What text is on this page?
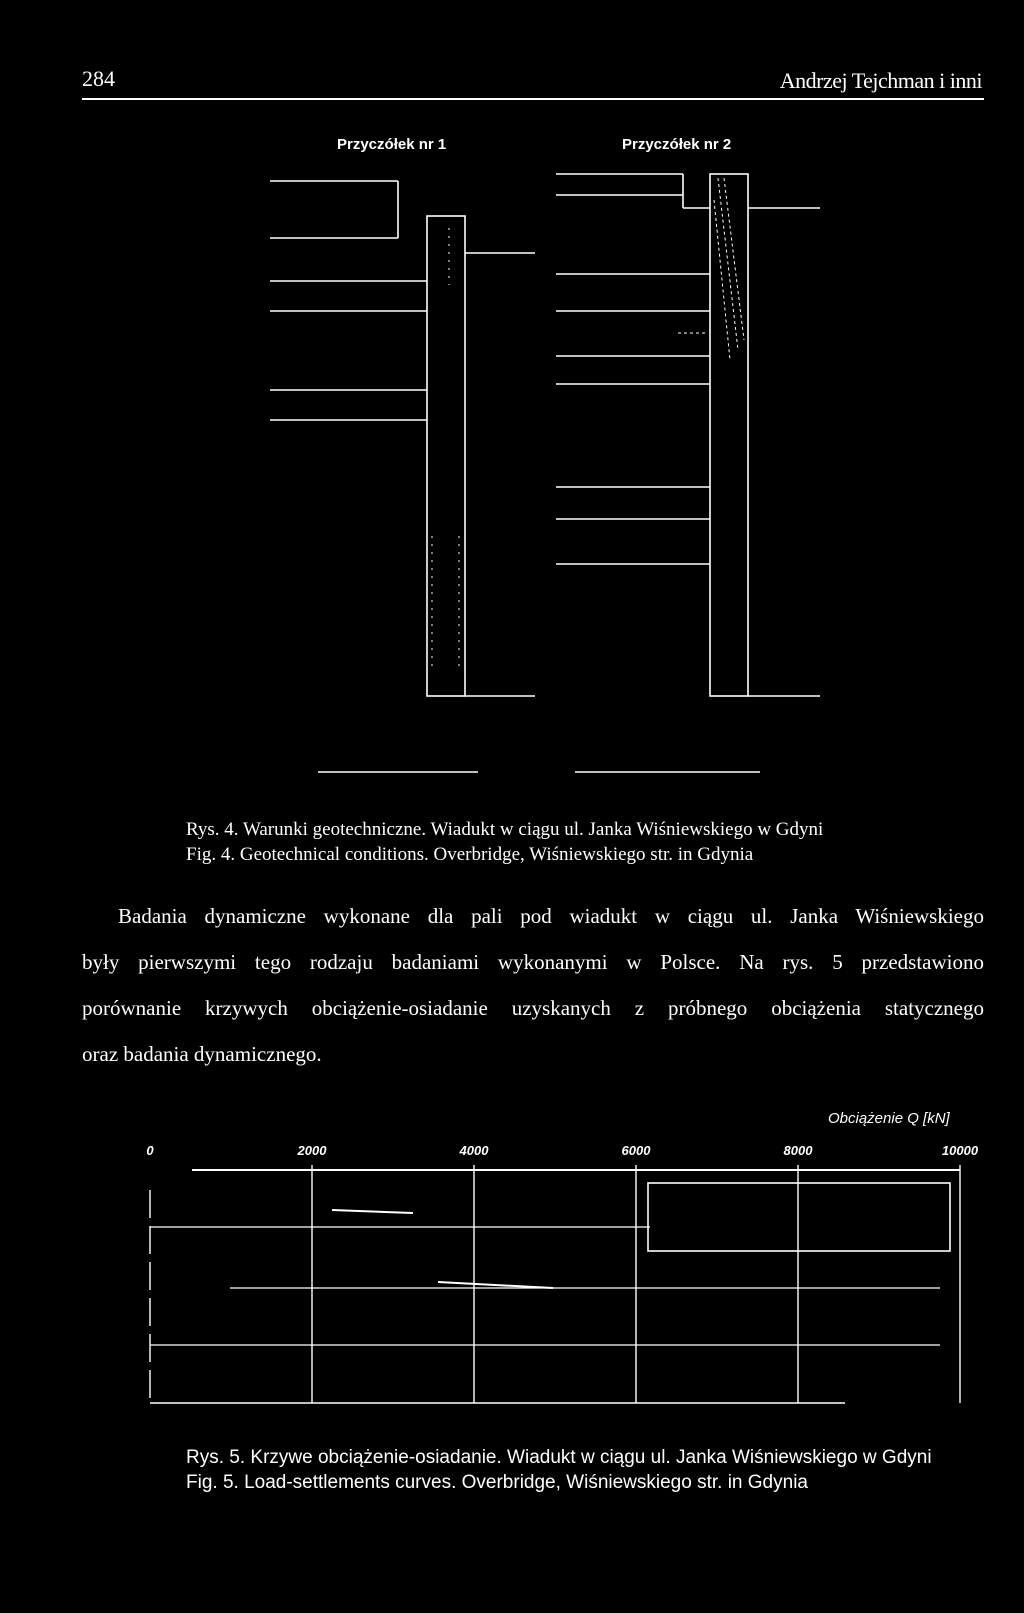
284	Andrzej Tejchman i inni
Przyczółek nr 1	Przyczółek nr 2
Rys. 4. Warunki geotechniczne. Wiadukt w ciągu ul. Janka Wiśniewskiego w Gdyni
Fig. 4. Geotechnical conditions. Overbridge, Wiśniewskiego str. in Gdynia
Badania dynamiczne wykonane dla pali pod wiadukt w ciągu ul. Janka Wiśniewskiego
były pierwszymi tego rodzaju badaniami wykonanymi w Polsce. Na rys. 5 przedstawiono
porównanie krzywych obciążenie-osiadanie uzyskanych z próbnego obciążenia statycznego
oraz badania dynamicznego.
Obciążenie Q [kN]
0	2000	4000	6000	8000	10000
Rys. 5. Krzywe obciążenie-osiadanie. Wiadukt w ciągu ul. Janka Wiśniewskiego w Gdyni
Fig. 5. Load-settlements curves. Overbridge, Wiśniewskiego str. in Gdynia
